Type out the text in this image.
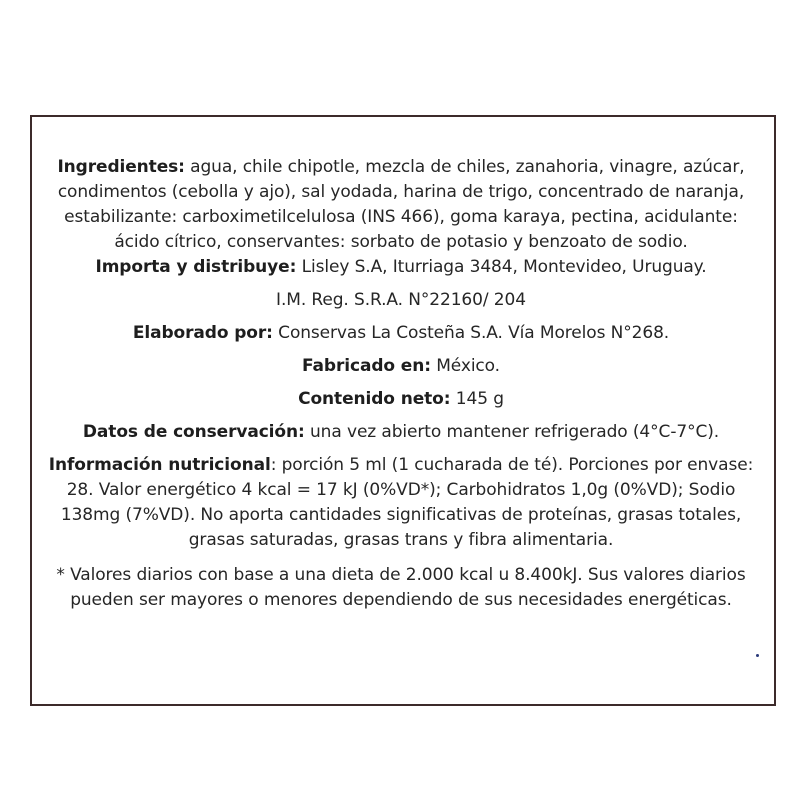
Ingredientes: agua, chile chipotle, mezcla de chiles, zanahoria, vinagre, azúcar, condimentos (cebolla y ajo), sal yodada, harina de trigo, concentrado de naranja, estabilizante: carboximetilcelulosa (INS 466), goma karaya, pectina, acidulante: ácido cítrico, conservantes: sorbato de potasio y benzoato de sodio.

Importa y distribuye: Lisley S.A, Iturriaga 3484, Montevideo, Uruguay.

I.M. Reg. S.R.A. N°22160/ 204

Elaborado por: Conservas La Costeña S.A. Vía Morelos N°268.

Fabricado en: México.

Contenido neto: 145 g

Datos de conservación: una vez abierto mantener refrigerado (4°C-7°C).

Información nutricional: porción 5 ml (1 cucharada de té). Porciones por envase: 28. Valor energético 4 kcal = 17 kJ (0%VD*); Carbohidratos 1,0g (0%VD); Sodio 138mg (7%VD). No aporta cantidades significativas de proteínas, grasas totales, grasas saturadas, grasas trans y fibra alimentaria.

* Valores diarios con base a una dieta de 2.000 kcal u 8.400kJ. Sus valores diarios pueden ser mayores o menores dependiendo de sus necesidades energéticas.
